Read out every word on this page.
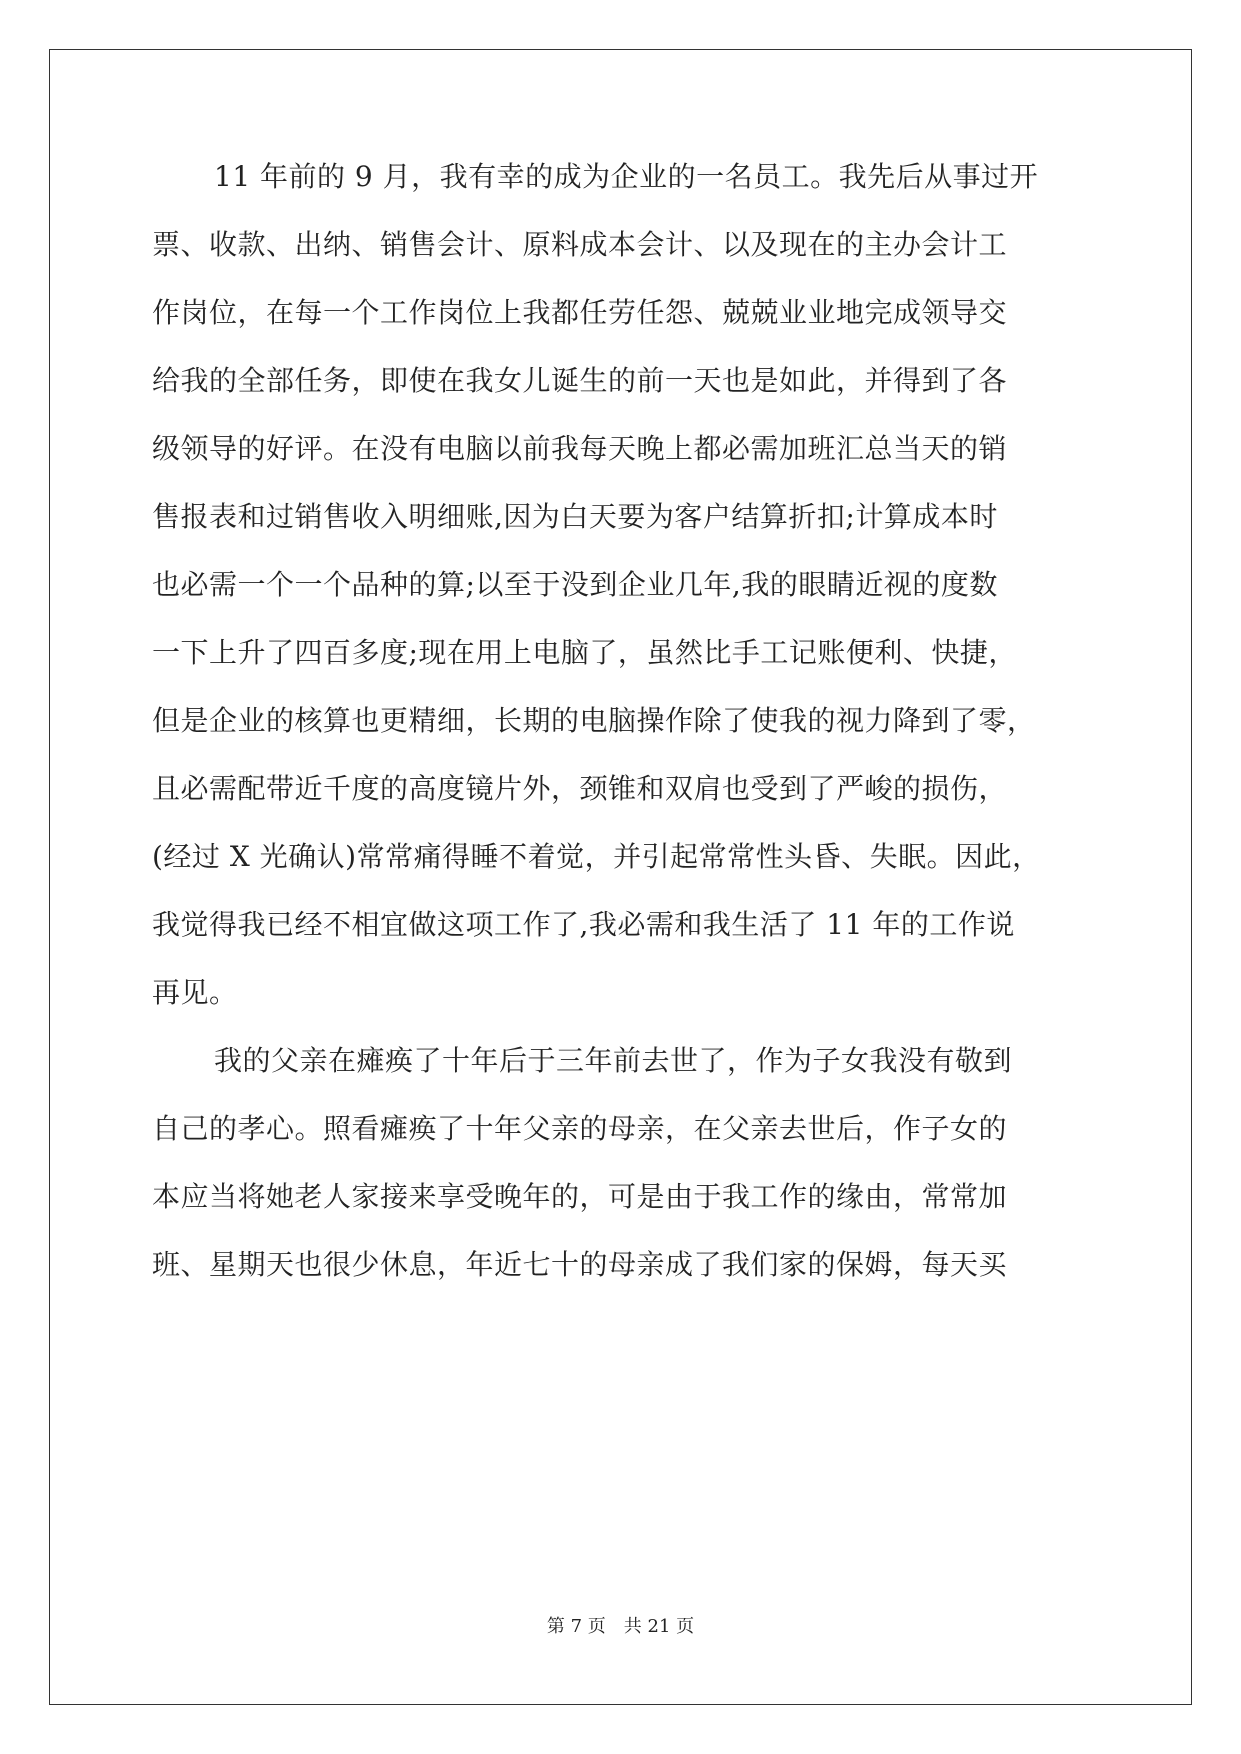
11 年前的 9 月，我有幸的成为企业的一名员工。我先后从事过开
票、收款、出纳、销售会计、原料成本会计、以及现在的主办会计工
作岗位，在每一个工作岗位上我都任劳任怨、兢兢业业地完成领导交
给我的全部任务，即使在我女儿诞生的前一天也是如此，并得到了各
级领导的好评。在没有电脑以前我每天晚上都必需加班汇总当天的销
售报表和过销售收入明细账,因为白天要为客户结算折扣;计算成本时
也必需一个一个品种的算;以至于没到企业几年,我的眼睛近视的度数
一下上升了四百多度;现在用上电脑了，虽然比手工记账便利、快捷，
但是企业的核算也更精细，长期的电脑操作除了使我的视力降到了零，
且必需配带近千度的高度镜片外，颈锥和双肩也受到了严峻的损伤，
(经过 X 光确认)常常痛得睡不着觉，并引起常常性头昏、失眠。因此，
我觉得我已经不相宜做这项工作了,我必需和我生活了 11 年的工作说
再见。
我的父亲在瘫痪了十年后于三年前去世了，作为子女我没有敬到
自己的孝心。照看瘫痪了十年父亲的母亲，在父亲去世后，作子女的
本应当将她老人家接来享受晚年的，可是由于我工作的缘由，常常加
班、星期天也很少休息，年近七十的母亲成了我们家的保姆，每天买
第 7 页　共 21 页
